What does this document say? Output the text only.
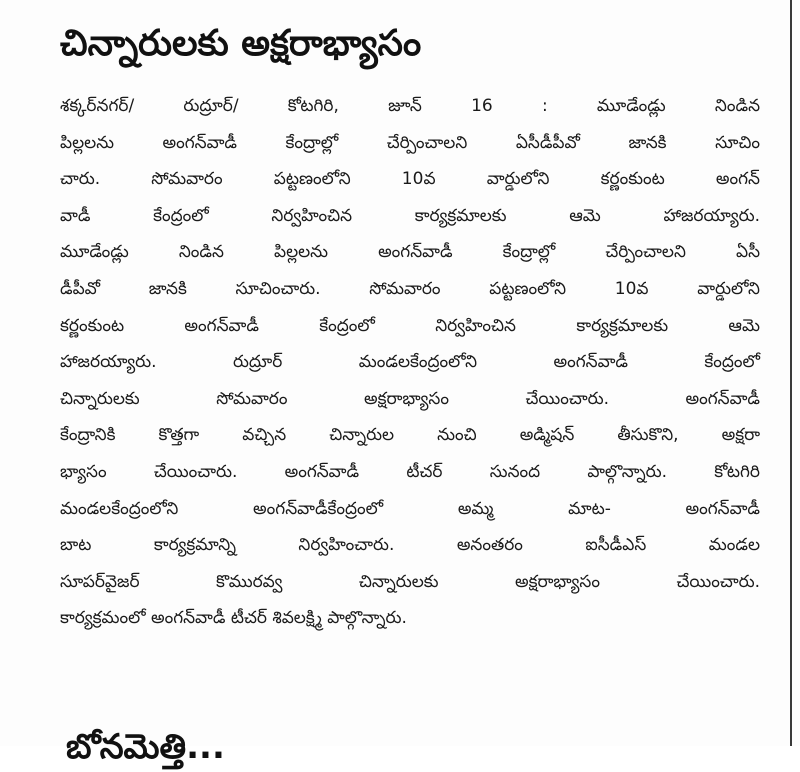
చిన్నారులకు అక్షరాభ్యాసం
శక్కర్‌నగర్‌/ రుద్రూర్‌/ కోటగిరి, జూన్‌ 16 : మూడేండ్లు నిండిన
పిల్లలను అంగన్‌వాడీ కేంద్రాల్లో చేర్పించాలని ఏసీడీపీవో జానకి సూచిం
చారు. సోమవారం పట్టణంలోని 10వ వార్డులోని కర్ణంకుంట అంగన్‌
వాడీ కేంద్రంలో నిర్వహించిన కార్యక్రమాలకు ఆమె హాజరయ్యారు.
మూడేండ్లు నిండిన పిల్లలను అంగన్‌వాడీ కేంద్రాల్లో చేర్పించాలని ఏసీ
డీపీవో జానకి సూచించారు. సోమవారం పట్టణంలోని 10వ వార్డులోని
కర్ణంకుంట అంగన్‌వాడీ కేంద్రంలో నిర్వహించిన కార్యక్రమాలకు ఆమె
హాజరయ్యారు. రుద్రూర్‌ మండలకేంద్రంలోని అంగన్‌వాడీ కేంద్రంలో
చిన్నారులకు సోమవారం అక్షరాభ్యాసం చేయించారు. అంగన్‌వాడీ
కేంద్రానికి కొత్తగా వచ్చిన చిన్నారుల నుంచి అడ్మిషన్‌ తీసుకొని, అక్షరా
భ్యాసం చేయించారు. అంగన్‌వాడీ టీచర్‌ సునంద పాల్గొన్నారు. కోటగిరి
మండలకేంద్రంలోని అంగన్‌వాడీకేంద్రంలో అమ్మ మాట- అంగన్‌వాడీ
బాట కార్యక్రమాన్ని నిర్వహించారు. అనంతరం ఐసీడీఎస్‌ మండల
సూపర్‌వైజర్‌ కొమురవ్వ చిన్నారులకు అక్షరాభ్యాసం చేయించారు.
కార్యక్రమంలో అంగన్‌వాడీ టీచర్‌ శివలక్ష్మి పాల్గొన్నారు.
బోనమెత్తి...
